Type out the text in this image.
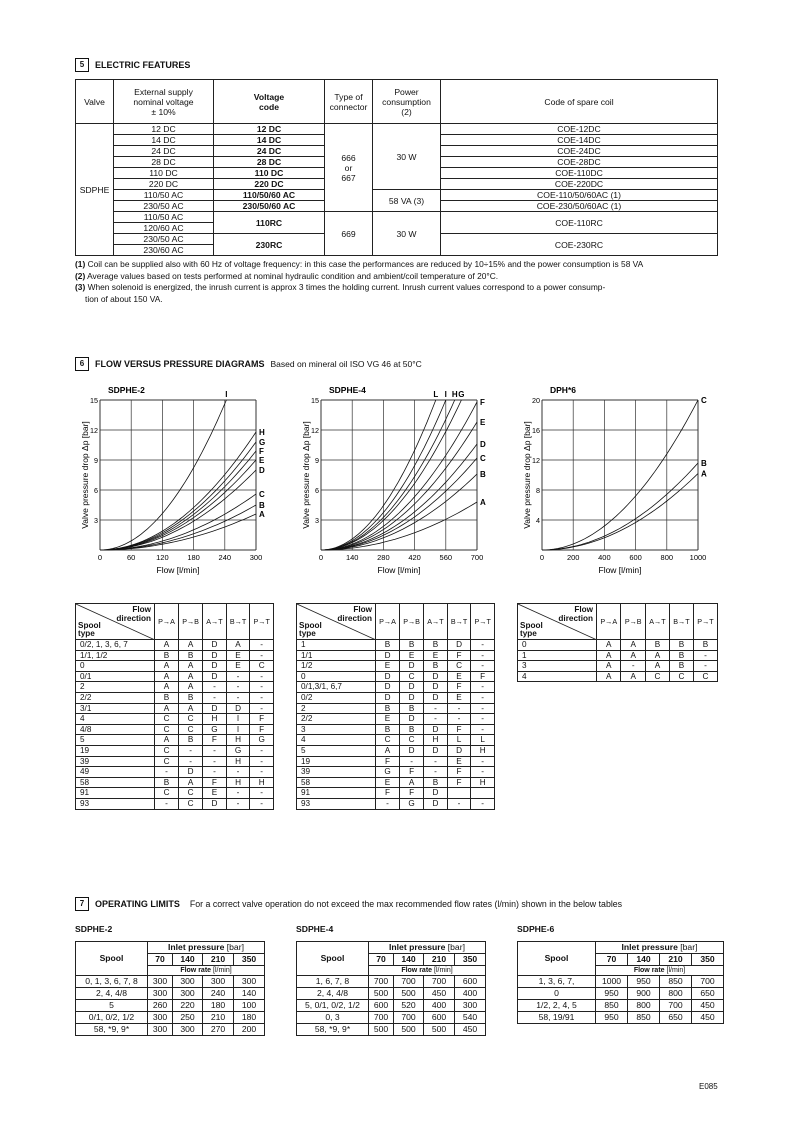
5	ELECTRIC FEATURES
Valve	External supply
nominal voltage
± 10%	Voltage
code	Type of
connector	Power
consumption (2)	Code of spare coil
SDPHE	12 DC	12 DC	666
or
667	30 W	COE-12DC
	14 DC	14 DC			COE-14DC
	24 DC	24 DC			COE-24DC
	28 DC	28 DC			COE-28DC
	110 DC	110 DC			COE-110DC
	220 DC	220 DC			COE-220DC
	110/50 AC	110/50/60 AC		58 VA (3)	COE-110/50/60AC (1)
	230/50 AC	230/50/60 AC			COE-230/50/60AC (1)
	110/50 AC	110RC	669	30 W	COE-110RC
	120/60 AC				
	230/50 AC	230RC			COE-230RC
	230/60 AC				
(1) Coil can be supplied also with 60 Hz of voltage frequency: in this case the performances are reduced by 10÷15% and the power consumption is 58 VA
(2) Average values based on tests performed at nominal hydraulic condition and ambient/coil temperature of 20°C.
(3) When solenoid is energized, the inrush current is approx 3 times the holding current. Inrush current values correspond to a power consump-
tion of about 150 VA.
6	FLOW VERSUS PRESSURE DIAGRAMS Based on mineral oil ISO VG 46 at 50°C
SDPHE-2
0	60	120 180 240 300
3
6
9
12
15
Flow [l/min]
Valve pressure drop Δp [bar]	A
B
C
D
E
F
G
H
I	SDPHE-4
0	140 280 420 560 700
3
6
9
12
15
Flow [l/min]
Valve pressure drop Δp [bar]	A
B
C
D
E
F
G
H
I
L	DPH*6
0	200 400 600 800 1000
4
8
12
16
20
Flow [l/min]
Valve pressure drop Δp [bar]	A
B
C
Flow
direction
Spool
type	P→A	P→B	A→T	B→T	P→T
0/2, 1, 3, 6, 7	A	A	D	A	-
1/1, 1/2	B	B	D	E	-
0	A	A	D	E	C
0/1	A	A	D	-	-
2	A	A	-	-	-
2/2	B	B	-	-	-
3/1	A	A	D	D	-
4	C	C	H	I	F
4/8	C	C	G	I	F
5	A	B	F	H	G
19	C	-	-	G	-
39	C	-	-	H	-
49	-	D	-	-	-
58	B	A	F	H	H
91	C	C	E	-	-
93	-	C	D	-	-
Flow
direction
Spool
type	P→A	P→B	A→T	B→T	P→T
1	B	B	B	D	-
1/1	D	E	E	F	-
1/2	E	D	B	C	-
0	D	C	D	E	F
0/1,3/1, 6,7	D	D	D	F	-
0/2	D	D	D	E	-
2	B	B	-	-	-
2/2	E	D	-	-	-
3	B	B	D	F	-
4	C	C	H	L	L
5	A	D	D	D	H
19	F	-	-	E	-
39	G	F	-	F	-
58	E	A	B	F	H
91	F	F	D		
93	-	G	D	-	-
Flow
direction
Spool
type	P→A	P→B	A→T	B→T	P→T
0	A	A	B	B	B
1	A	A	A	B	-
3	A	-	A	B	-
4	A	A	C	C	C
7	OPERATING LIMITS For a correct valve operation do not exceed the max recommended flow rates (l/min) shown in the below tables
SDPHE-2	SDPHE-4	SDPHE-6
Spool	Inlet pressure [bar]			
	70	140	210	350
	Flow rate [l/min]			
0, 1, 3, 6, 7, 8	300	300	300	300
2, 4, 4/8	300	300	240	140
5	260	220	180	100
0/1, 0/2, 1/2	300	250	210	180
58, *9, 9*	300	300	270	200
Spool	Inlet pressure [bar]			
	70	140	210	350
	Flow rate [l/min]			
1, 6, 7, 8	700	700	700	600
2, 4, 4/8	500	500	450	400
5, 0/1, 0/2, 1/2	600	520	400	300
0, 3	700	700	600	540
58, *9, 9*	500	500	500	450
Spool	Inlet pressure [bar]			
	70	140	210	350
	Flow rate [l/min]			
1, 3, 6, 7,	1000	950	850	700
0	950	900	800	650
1/2, 2, 4, 5	850	800	700	450
58, 19/91	950	850	650	450
E085
